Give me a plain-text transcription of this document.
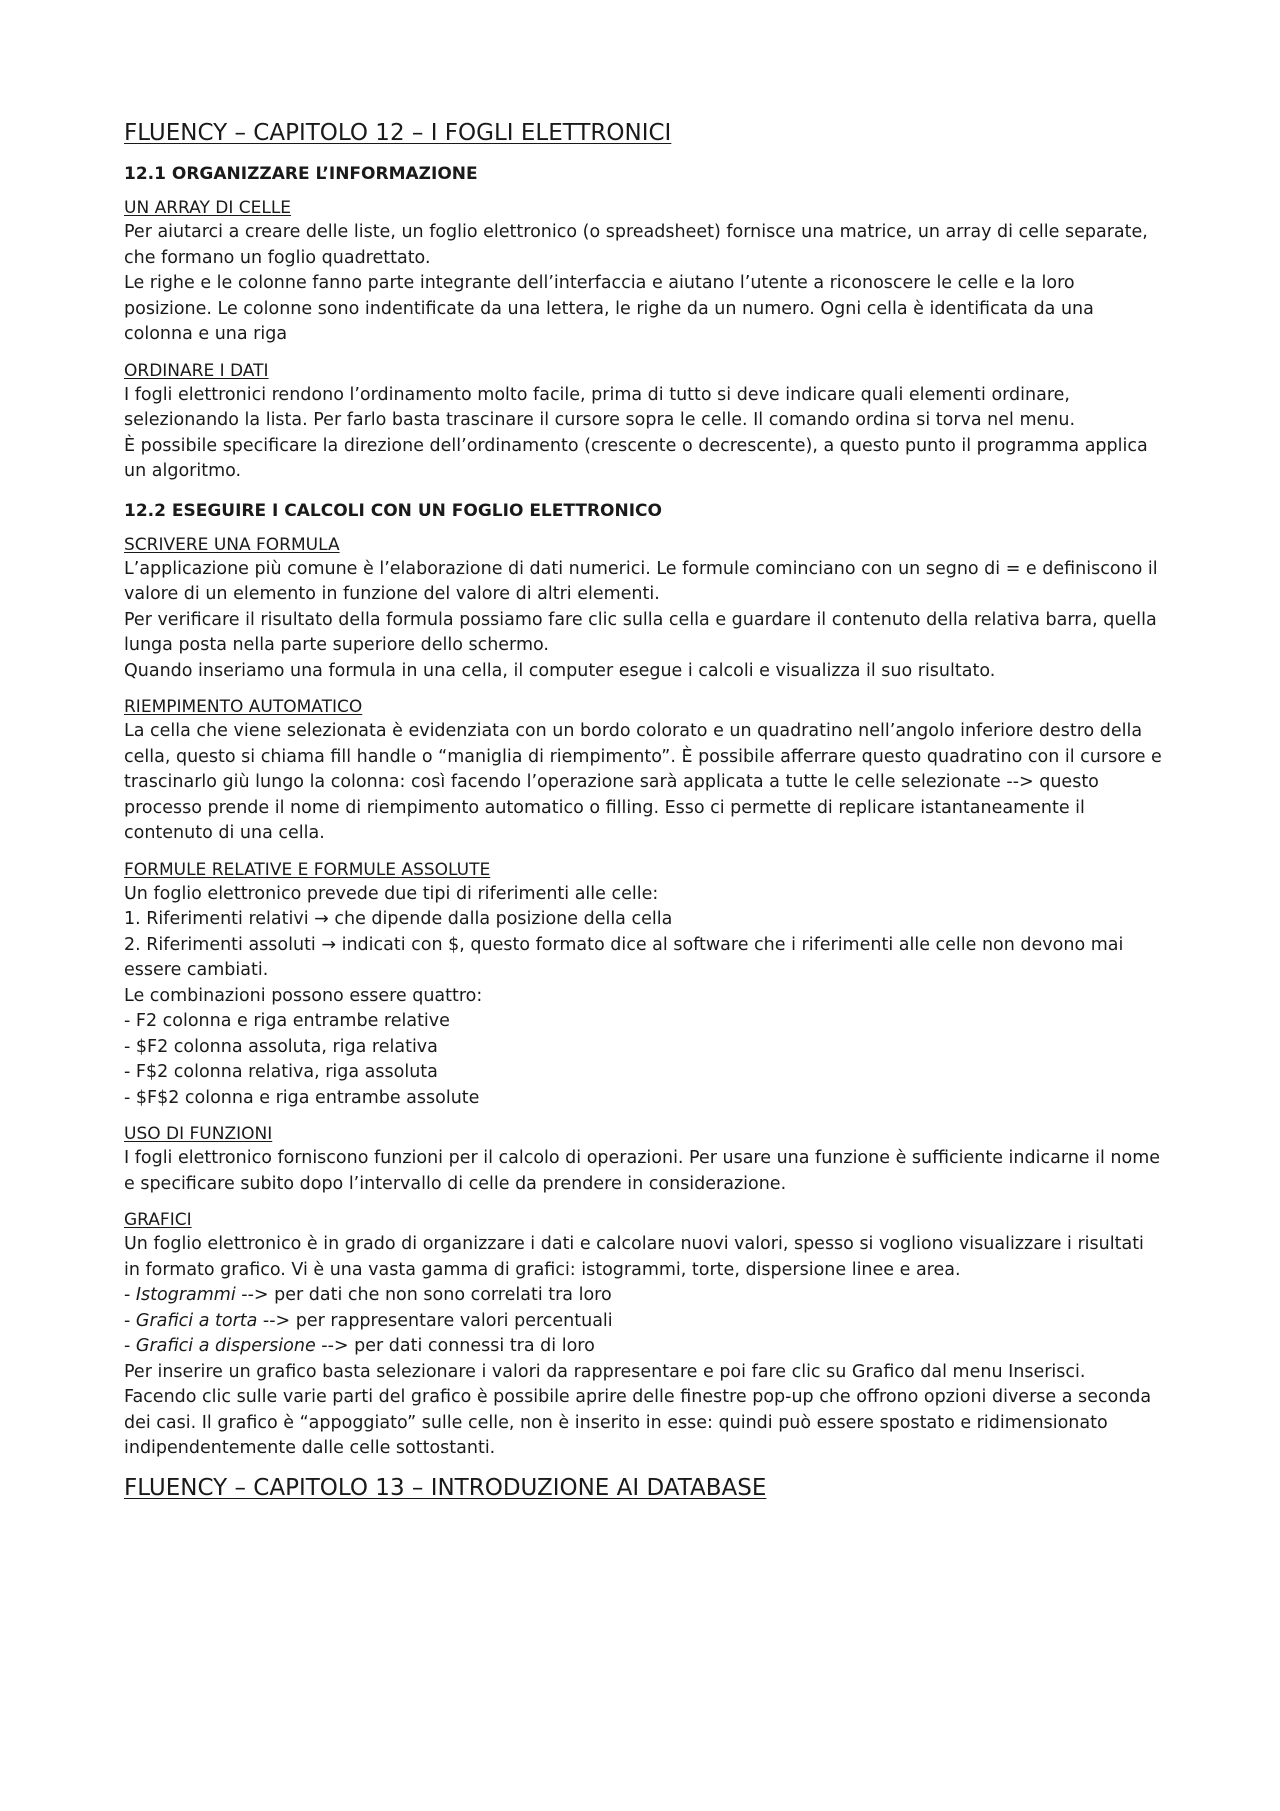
FLUENCY – CAPITOLO 12 – I FOGLI ELETTRONICI
12.1 ORGANIZZARE L’INFORMAZIONE
UN ARRAY DI CELLE

Per aiutarci a creare delle liste, un foglio elettronico (o spreadsheet) fornisce una matrice, un array di celle separate, che formano un foglio quadrettato.

Le righe e le colonne fanno parte integrante dell’interfaccia e aiutano l’utente a riconoscere le celle e la loro posizione. Le colonne sono indentificate da una lettera, le righe da un numero. Ogni cella è identificata da una colonna e una riga

ORDINARE I DATI

I fogli elettronici rendono l’ordinamento molto facile, prima di tutto si deve indicare quali elementi ordinare, selezionando la lista. Per farlo basta trascinare il cursore sopra le celle. Il comando ordina si torva nel menu.

È possibile specificare la direzione dell’ordinamento (crescente o decrescente), a questo punto il programma applica un algoritmo.

12.2 ESEGUIRE I CALCOLI CON UN FOGLIO ELETTRONICO
SCRIVERE UNA FORMULA

L’applicazione più comune è l’elaborazione di dati numerici. Le formule cominciano con un segno di = e definiscono il valore di un elemento in funzione del valore di altri elementi.

Per verificare il risultato della formula possiamo fare clic sulla cella e guardare il contenuto della relativa barra, quella lunga posta nella parte superiore dello schermo.

Quando inseriamo una formula in una cella, il computer esegue i calcoli e visualizza il suo risultato.

RIEMPIMENTO AUTOMATICO

La cella che viene selezionata è evidenziata con un bordo colorato e un quadratino nell’angolo inferiore destro della cella, questo si chiama fill handle o “maniglia di riempimento”. È possibile afferrare questo quadratino con il cursore e trascinarlo giù lungo la colonna: così facendo l’operazione sarà applicata a tutte le celle selezionate --> questo processo prende il nome di riempimento automatico o filling. Esso ci permette di replicare istantaneamente il contenuto di una cella.

FORMULE RELATIVE E FORMULE ASSOLUTE

Un foglio elettronico prevede due tipi di riferimenti alle celle:

1. Riferimenti relativi → che dipende dalla posizione della cella

2. Riferimenti assoluti → indicati con $, questo formato dice al software che i riferimenti alle celle non devono mai essere cambiati.

Le combinazioni possono essere quattro:

- F2 colonna e riga entrambe relative

- $F2 colonna assoluta, riga relativa

- F$2 colonna relativa, riga assoluta

- $F$2 colonna e riga entrambe assolute

USO DI FUNZIONI

I fogli elettronico forniscono funzioni per il calcolo di operazioni. Per usare una funzione è sufficiente indicarne il nome e specificare subito dopo l’intervallo di celle da prendere in considerazione.

GRAFICI

Un foglio elettronico è in grado di organizzare i dati e calcolare nuovi valori, spesso si vogliono visualizzare i risultati in formato grafico. Vi è una vasta gamma di grafici: istogrammi, torte, dispersione linee e area.

- Istogrammi --> per dati che non sono correlati tra loro

- Grafici a torta --> per rappresentare valori percentuali

- Grafici a dispersione --> per dati connessi tra di loro

Per inserire un grafico basta selezionare i valori da rappresentare e poi fare clic su Grafico dal menu Inserisci.

Facendo clic sulle varie parti del grafico è possibile aprire delle finestre pop-up che offrono opzioni diverse a seconda dei casi. Il grafico è “appoggiato” sulle celle, non è inserito in esse: quindi può essere spostato e ridimensionato indipendentemente dalle celle sottostanti.

FLUENCY – CAPITOLO 13 – INTRODUZIONE AI DATABASE
